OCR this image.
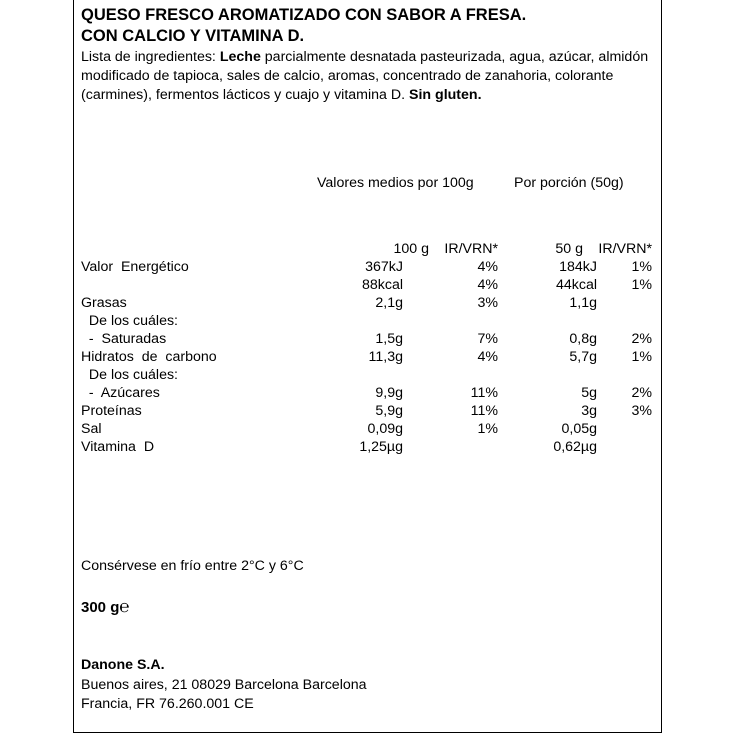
QUESO FRESCO AROMATIZADO CON SABOR A FRESA.
CON CALCIO Y VITAMINA D.
Lista de ingredientes: Leche parcialmente desnatada pasteurizada, agua, azúcar, almidón modificado de tapioca, sales de calcio, aromas, concentrado de zanahoria, colorante (carmines), fermentos lácticos y cuajo y vitamina D. Sin gluten.
Valores medios por 100g	Por porción (50g)
100 g IR/VRN*	50 g IR/VRN*
Valor  Energético	367kJ	4%	184kJ 1%
88kcal	4%	44kcal 1%
Grasas	2,1g	3%	1,1g
De los cuáles:
-  Saturadas	1,5g	7%	0,8g 2%
Hidratos  de  carbono	11,3g	4%	5,7g 1%
De los cuáles:
-  Azúcares	9,9g	11%	5g 2%
Proteínas	5,9g	11%	3g 3%
Sal	0,09g	1%	0,05g
Vitamina  D	1,25µg	0,62µg
Consérvese en frío entre 2°C y 6°C
300 g℮
Danone S.A.
Buenos aires, 21 08029 Barcelona Barcelona
Francia, FR 76.260.001 CE
